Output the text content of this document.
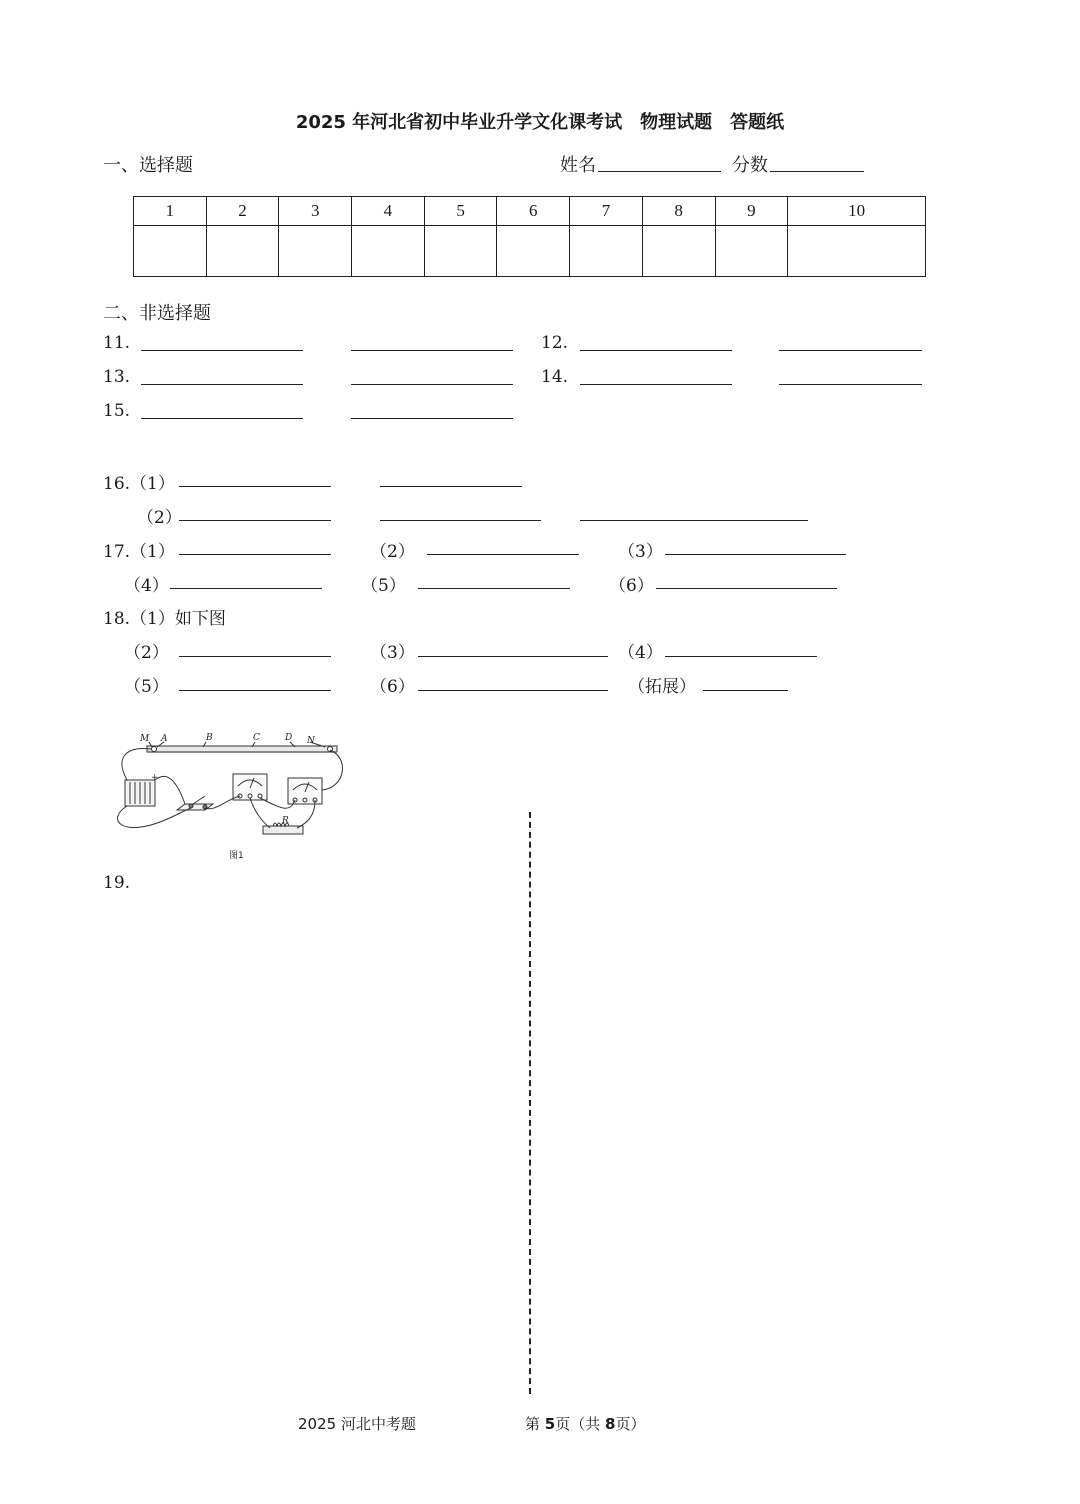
2025 年河北省初中毕业升学文化课考试　物理试题　答题纸
一、选择题	姓名	分数
1	2	3	4	5	6	7	8	9	10

二、非选择题
11.	12.
13.	14.
15.
16.（1）
（2）
17.（1）	（2）	（3）
（4）	（5）	（6）
18.（1）如下图
（2）	（3）	（4）
（5）	（6）	（拓展）
M A	B	C	D N
R
+
图1
19.
2025 河北中考题	第 5页（共 8页）
